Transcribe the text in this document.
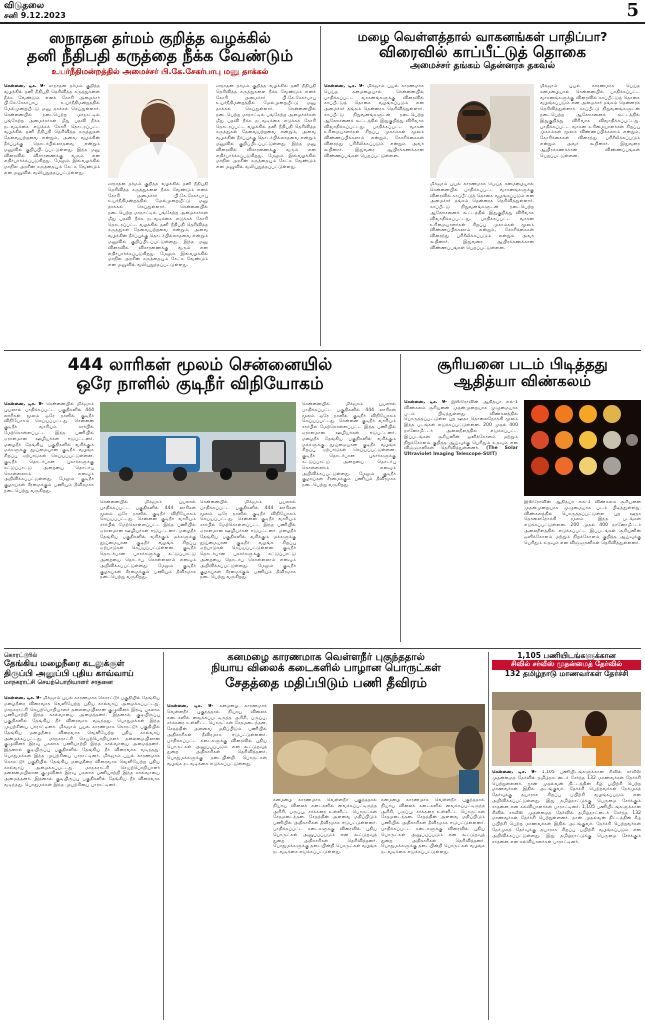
விடுதலை
சனி 9.12.2023	5
ஸநாதன தர்மம் குறித்த வழக்கில்
தனி நீதிபதி கருத்தை நீக்க வேண்டும்
உயர்நீதிமன்றத்தில் அமைச்சர் பி.கே.சேகர்பாபு மனு தாக்கல்
சென்னை, டிச. 9- ஸநாதன தர்மம் குறித்த வழக்கில் தனி நீதிபதி தெரிவித்த கருத்துகளை நீக்க வேண்டும் எனக் கோரி அமைச்சர் பி.கே.சேகர்பாபு உயர்நீதிமன்றத்தில் மேல்முறையீட்டு மனு தாக்கல் செய்துள்ளார். சென்னையில் நடைபெற்ற மாநாட்டில் பங்கேற்ற அமைச்சர்கள் மீது பதவி நீக்க நடவடிக்கை எடுக்கக் கோரி தொடரப்பட்ட வழக்கில் தனி நீதிபதி தெரிவித்த கருத்துகள் தேவையற்றவை என்றும், அவை வழக்கின் தீர்ப்புக்கு தொடர்பில்லாதவை என்றும் மனுவில் குறிப்பிடப்பட்டுள்ளது. இந்த மனு விரைவில் விசாரணைக்கு வரும் என எதிர்பார்க்கப்படுகிறது. மேலும் இவ்வழக்கில் மாநில அரசின் கருத்தையும் கேட்க வேண்டும் என மனுவில் வலியுறுத்தப்பட்டுள்ளது.
ஸநாதன தர்மம் குறித்த வழக்கில் தனி நீதிபதி தெரிவித்த கருத்துகளை நீக்க வேண்டும் எனக் கோரி அமைச்சர் பி.கே.சேகர்பாபு உயர்நீதிமன்றத்தில் மேல்முறையீட்டு மனு தாக்கல் செய்துள்ளார். சென்னையில் நடைபெற்ற மாநாட்டில் பங்கேற்ற அமைச்சர்கள் மீது பதவி நீக்க நடவடிக்கை எடுக்கக் கோரி தொடரப்பட்ட வழக்கில் தனி நீதிபதி தெரிவித்த கருத்துகள் தேவையற்றவை என்றும், அவை வழக்கின் தீர்ப்புக்கு தொடர்பில்லாதவை என்றும் மனுவில் குறிப்பிடப்பட்டுள்ளது. இந்த மனு விரைவில் விசாரணைக்கு வரும் என எதிர்பார்க்கப்படுகிறது. மேலும் இவ்வழக்கில் மாநில அரசின் கருத்தையும் கேட்க வேண்டும் என மனுவில் வலியுறுத்தப்பட்டுள்ளது.
ஸநாதன தர்மம் குறித்த வழக்கில் தனி நீதிபதி தெரிவித்த கருத்துகளை நீக்க வேண்டும் எனக் கோரி அமைச்சர் பி.கே.சேகர்பாபு உயர்நீதிமன்றத்தில் மேல்முறையீட்டு மனு தாக்கல் செய்துள்ளார். சென்னையில் நடைபெற்ற மாநாட்டில் பங்கேற்ற அமைச்சர்கள் மீது பதவி நீக்க நடவடிக்கை எடுக்கக் கோரி தொடரப்பட்ட வழக்கில் தனி நீதிபதி தெரிவித்த கருத்துகள் தேவையற்றவை என்றும், அவை வழக்கின் தீர்ப்புக்கு தொடர்பில்லாதவை என்றும் மனுவில் குறிப்பிடப்பட்டுள்ளது. இந்த மனு விரைவில் விசாரணைக்கு வரும் என எதிர்பார்க்கப்படுகிறது. மேலும் இவ்வழக்கில் மாநில அரசின் கருத்தையும் கேட்க வேண்டும் என மனுவில் வலியுறுத்தப்பட்டுள்ளது.
மழை வெள்ளத்தால் வாகனங்கள் பாதிப்பா?
விரைவில் காப்பீட்டுத் தொகை
அமைச்சர் தங்கம் தென்னரசு தகவல்
சென்னை, டிச. 9- மிக்ஜாம் புயல் காரணமாக பெய்த கனமழையால் சென்னையில் பாதிக்கப்பட்ட வாகனங்களுக்கு விரைவில் காப்பீட்டுத் தொகை வழங்கப்படும் என அமைச்சர் தங்கம் தென்னரசு தெரிவித்துள்ளார். காப்பீட்டு நிறுவனங்களுடன் நடைபெற்ற ஆலோசனைக் கூட்டத்தில் இதுகுறித்து விரிவாக விவாதிக்கப்பட்டது. பாதிக்கப்பட்ட வாகன உரிமையாளர்கள் சிறப்பு முகாம்கள் மூலம் விண்ணப்பிக்கலாம் என்றும், கோரிக்கைகள் விரைந்து பரிசீலிக்கப்படும் என்றும் அவர் கூறினார். இதுவரை ஆயிரக்கணக்கான விண்ணப்பங்கள் பெறப்பட்டுள்ளன.
மிக்ஜாம் புயல் காரணமாக பெய்த கனமழையால் சென்னையில் பாதிக்கப்பட்ட வாகனங்களுக்கு விரைவில் காப்பீட்டுத் தொகை வழங்கப்படும் என அமைச்சர் தங்கம் தென்னரசு தெரிவித்துள்ளார். காப்பீட்டு நிறுவனங்களுடன் நடைபெற்ற ஆலோசனைக் கூட்டத்தில் இதுகுறித்து விரிவாக விவாதிக்கப்பட்டது. பாதிக்கப்பட்ட வாகன உரிமையாளர்கள் சிறப்பு முகாம்கள் மூலம் விண்ணப்பிக்கலாம் என்றும், கோரிக்கைகள் விரைந்து பரிசீலிக்கப்படும் என்றும் அவர் கூறினார். இதுவரை ஆயிரக்கணக்கான விண்ணப்பங்கள் பெறப்பட்டுள்ளன.
மிக்ஜாம் புயல் காரணமாக பெய்த கனமழையால் சென்னையில் பாதிக்கப்பட்ட வாகனங்களுக்கு விரைவில் காப்பீட்டுத் தொகை வழங்கப்படும் என அமைச்சர் தங்கம் தென்னரசு தெரிவித்துள்ளார். காப்பீட்டு நிறுவனங்களுடன் நடைபெற்ற ஆலோசனைக் கூட்டத்தில் இதுகுறித்து விரிவாக விவாதிக்கப்பட்டது. பாதிக்கப்பட்ட வாகன உரிமையாளர்கள் சிறப்பு முகாம்கள் மூலம் விண்ணப்பிக்கலாம் என்றும், கோரிக்கைகள் விரைந்து பரிசீலிக்கப்படும் என்றும் அவர் கூறினார். இதுவரை ஆயிரக்கணக்கான விண்ணப்பங்கள் பெறப்பட்டுள்ளன.
444 லாரிகள் மூலம் சென்னையில்
ஒரே நாளில் குடிநீர் விநியோகம்
சென்னை, டிச. 9- சென்னையில் மிக்ஜாம் புயலால் பாதிக்கப்பட்ட பகுதிகளில் 444 லாரிகள் மூலம் ஒரே நாளில் குடிநீர் விநியோகம் செய்யப்பட்டது. சென்னை குடிநீர் வாரியம் சார்பில் மேற்கொள்ளப்பட்ட இந்த பணியில் ஏராளமான ஊழியர்கள் ஈடுபட்டனர். மழைநீர் தேங்கிய பகுதிகளில் வசிக்கும் மக்களுக்கு தூய்மையான குடிநீர் வழங்க சிறப்பு ஏற்பாடுகள் செய்யப்பட்டுள்ளன. குடிநீர் தொடர்பான புகார்களுக்கு கட்டுப்பாட்டு அறையை தொடர்பு கொள்ளலாம் எனவும் அறிவிக்கப்பட்டுள்ளது. மேலும் குடிநீர் குழாய்கள் சீரமைக்கும் பணியும் தீவிரமாக நடைபெற்று வருகிறது.
சென்னையில் மிக்ஜாம் புயலால் பாதிக்கப்பட்ட பகுதிகளில் 444 லாரிகள் மூலம் ஒரே நாளில் குடிநீர் விநியோகம் செய்யப்பட்டது. சென்னை குடிநீர் வாரியம் சார்பில் மேற்கொள்ளப்பட்ட இந்த பணியில் ஏராளமான ஊழியர்கள் ஈடுபட்டனர். மழைநீர் தேங்கிய பகுதிகளில் வசிக்கும் மக்களுக்கு தூய்மையான குடிநீர் வழங்க சிறப்பு ஏற்பாடுகள் செய்யப்பட்டுள்ளன. குடிநீர் தொடர்பான புகார்களுக்கு கட்டுப்பாட்டு அறையை தொடர்பு கொள்ளலாம் எனவும் அறிவிக்கப்பட்டுள்ளது. மேலும் குடிநீர் குழாய்கள் சீரமைக்கும் பணியும் தீவிரமாக நடைபெற்று வருகிறது.
சென்னையில் மிக்ஜாம் புயலால் பாதிக்கப்பட்ட பகுதிகளில் 444 லாரிகள் மூலம் ஒரே நாளில் குடிநீர் விநியோகம் செய்யப்பட்டது. சென்னை குடிநீர் வாரியம் சார்பில் மேற்கொள்ளப்பட்ட இந்த பணியில் ஏராளமான ஊழியர்கள் ஈடுபட்டனர். மழைநீர் தேங்கிய பகுதிகளில் வசிக்கும் மக்களுக்கு தூய்மையான குடிநீர் வழங்க சிறப்பு ஏற்பாடுகள் செய்யப்பட்டுள்ளன. குடிநீர் தொடர்பான புகார்களுக்கு கட்டுப்பாட்டு அறையை தொடர்பு கொள்ளலாம் எனவும் அறிவிக்கப்பட்டுள்ளது. மேலும் குடிநீர் குழாய்கள் சீரமைக்கும் பணியும் தீவிரமாக நடைபெற்று வருகிறது.
சென்னையில் மிக்ஜாம் புயலால் பாதிக்கப்பட்ட பகுதிகளில் 444 லாரிகள் மூலம் ஒரே நாளில் குடிநீர் விநியோகம் செய்யப்பட்டது. சென்னை குடிநீர் வாரியம் சார்பில் மேற்கொள்ளப்பட்ட இந்த பணியில் ஏராளமான ஊழியர்கள் ஈடுபட்டனர். மழைநீர் தேங்கிய பகுதிகளில் வசிக்கும் மக்களுக்கு தூய்மையான குடிநீர் வழங்க சிறப்பு ஏற்பாடுகள் செய்யப்பட்டுள்ளன. குடிநீர் தொடர்பான புகார்களுக்கு கட்டுப்பாட்டு அறையை தொடர்பு கொள்ளலாம் எனவும் அறிவிக்கப்பட்டுள்ளது. மேலும் குடிநீர் குழாய்கள் சீரமைக்கும் பணியும் தீவிரமாக நடைபெற்று வருகிறது.
சூரியனை படம் பிடித்தது
ஆதித்யா விண்கலம்
சென்னை, டிச. 9- இஸ்ரோவின் ஆதித்யா எல்-1 விண்கலம் சூரியனை முதன்முறையாக முழுமையாக படம் பிடித்துள்ளது. விண்கலத்தில் பொருத்தப்பட்டுள்ள புற ஊதா தொலைநோக்கி மூலம் இந்த படங்கள் எடுக்கப்பட்டுள்ளன. 200 முதல் 400 நானோமீட்டர் அலைநீளத்தில் எடுக்கப்பட்ட இப்படங்கள் சூரியனின் ஒளிக்கோளம் மற்றும் நிறக்கோளம் குறித்த ஆய்வுக்கு பெரிதும் உதவும் என விஞ்ஞானிகள் தெரிவித்துள்ளனர். (The Solar Ultraviolet Imaging Telescope-SUIT)
இஸ்ரோவின் ஆதித்யா எல்-1 விண்கலம் சூரியனை முதன்முறையாக முழுமையாக படம் பிடித்துள்ளது. விண்கலத்தில் பொருத்தப்பட்டுள்ள புற ஊதா தொலைநோக்கி மூலம் இந்த படங்கள் எடுக்கப்பட்டுள்ளன. 200 முதல் 400 நானோமீட்டர் அலைநீளத்தில் எடுக்கப்பட்ட இப்படங்கள் சூரியனின் ஒளிக்கோளம் மற்றும் நிறக்கோளம் குறித்த ஆய்வுக்கு பெரிதும் உதவும் என விஞ்ஞானிகள் தெரிவித்துள்ளனர்.
கொரட்டூரில்
தேங்கிய மழைநீரை கடலுக்குள்
திருப்பி அனுப்பி புதிய காவ்வாய்
மாநகராட்சி செயற்பொறியாளர் சாதனை
சென்னை, டிச. 9- மிக்ஜாம் புயல் காரணமாக கொரட்டூர் பகுதியில் தேங்கிய மழைநீரை விரைவாக வெளியேற்ற புதிய கால்வாய் அமைக்கப்பட்டது. மாநகராட்சி செயற்பொறியாளர் தலைமையிலான குழுவினர் இரவு பகலாக பணியாற்றி இந்த கால்வாயை அமைத்தனர். இதனால் குடியிருப்பு பகுதிகளில் தேங்கிய நீர் விரைவாக வடிந்தது. பொதுமக்கள் இந்த முயற்சியை பாராட்டினர். மிக்ஜாம் புயல் காரணமாக கொரட்டூர் பகுதியில் தேங்கிய மழைநீரை விரைவாக வெளியேற்ற புதிய கால்வாய் அமைக்கப்பட்டது. மாநகராட்சி செயற்பொறியாளர் தலைமையிலான குழுவினர் இரவு பகலாக பணியாற்றி இந்த கால்வாயை அமைத்தனர். இதனால் குடியிருப்பு பகுதிகளில் தேங்கிய நீர் விரைவாக வடிந்தது. பொதுமக்கள் இந்த முயற்சியை பாராட்டினர். மிக்ஜாம் புயல் காரணமாக கொரட்டூர் பகுதியில் தேங்கிய மழைநீரை விரைவாக வெளியேற்ற புதிய கால்வாய் அமைக்கப்பட்டது. மாநகராட்சி செயற்பொறியாளர் தலைமையிலான குழுவினர் இரவு பகலாக பணியாற்றி இந்த கால்வாயை அமைத்தனர். இதனால் குடியிருப்பு பகுதிகளில் தேங்கிய நீர் விரைவாக வடிந்தது. பொதுமக்கள் இந்த முயற்சியை பாராட்டினர்.
கனமழை காரணமாக வெள்ளநீர் புகுந்ததால்
நியாய விலைக் கடைகளில் பாழான பொருட்கள்
சேதத்தை மதிப்பிடும் பணி தீவிரம்
சென்னை, டிச. 9- கனமழை காரணமாக வெள்ளநீர் புகுந்ததால் நியாய விலைக் கடைகளில் வைக்கப்பட்டிருந்த அரிசி, பருப்பு, சர்க்கரை உள்ளிட்ட பொருட்கள் சேதமடைந்தன. சேதத்தின் அளவை மதிப்பிடும் பணியில் அதிகாரிகள் தீவிரமாக ஈடுபட்டுள்ளனர். பாதிக்கப்பட்ட கடைகளுக்கு விரைவில் புதிய பொருட்கள் அனுப்பப்படும் என கூட்டுறவுத் துறை அதிகாரிகள் தெரிவித்தனர். பொதுமக்களுக்கு தடையின்றி பொருட்கள் வழங்க நடவடிக்கை எடுக்கப்பட்டுள்ளது.
கனமழை காரணமாக வெள்ளநீர் புகுந்ததால் நியாய விலைக் கடைகளில் வைக்கப்பட்டிருந்த அரிசி, பருப்பு, சர்க்கரை உள்ளிட்ட பொருட்கள் சேதமடைந்தன. சேதத்தின் அளவை மதிப்பிடும் பணியில் அதிகாரிகள் தீவிரமாக ஈடுபட்டுள்ளனர். பாதிக்கப்பட்ட கடைகளுக்கு விரைவில் புதிய பொருட்கள் அனுப்பப்படும் என கூட்டுறவுத் துறை அதிகாரிகள் தெரிவித்தனர். பொதுமக்களுக்கு தடையின்றி பொருட்கள் வழங்க நடவடிக்கை எடுக்கப்பட்டுள்ளது.
கனமழை காரணமாக வெள்ளநீர் புகுந்ததால் நியாய விலைக் கடைகளில் வைக்கப்பட்டிருந்த அரிசி, பருப்பு, சர்க்கரை உள்ளிட்ட பொருட்கள் சேதமடைந்தன. சேதத்தின் அளவை மதிப்பிடும் பணியில் அதிகாரிகள் தீவிரமாக ஈடுபட்டுள்ளனர். பாதிக்கப்பட்ட கடைகளுக்கு விரைவில் புதிய பொருட்கள் அனுப்பப்படும் என கூட்டுறவுத் துறை அதிகாரிகள் தெரிவித்தனர். பொதுமக்களுக்கு தடையின்றி பொருட்கள் வழங்க நடவடிக்கை எடுக்கப்பட்டுள்ளது.
1,105 பணியிடங்களுக்கான
சிவில் சர்வீஸ் முதன்மைத் தேர்வில்
132 தமிழ்நாடு மாணவர்கள் தேர்ச்சி
சென்னை, டிச. 9- 1,105 பணியிடங்களுக்கான சிவில் சர்வீஸ் முதன்மைத் தேர்வில் தமிழ்நாட்டைச் சேர்ந்த 132 மாணவர்கள் தேர்ச்சி பெற்றுள்ளனர். நான் முதல்வன் திட்டத்தின் கீழ் பயிற்சி பெற்ற மாணவர்கள் இதில் அடங்குவர். தேர்ச்சி பெற்றவர்கள் நேர்முகத் தேர்வுக்கு தயாராக சிறப்பு பயிற்சி வழங்கப்படும் என அறிவிக்கப்பட்டுள்ளது. இது தமிழ்நாட்டுக்கு பெருமை சேர்க்கும் சாதனை என கல்வியாளர்கள் பாராட்டினர். 1,105 பணியிடங்களுக்கான சிவில் சர்வீஸ் முதன்மைத் தேர்வில் தமிழ்நாட்டைச் சேர்ந்த 132 மாணவர்கள் தேர்ச்சி பெற்றுள்ளனர். நான் முதல்வன் திட்டத்தின் கீழ் பயிற்சி பெற்ற மாணவர்கள் இதில் அடங்குவர். தேர்ச்சி பெற்றவர்கள் நேர்முகத் தேர்வுக்கு தயாராக சிறப்பு பயிற்சி வழங்கப்படும் என அறிவிக்கப்பட்டுள்ளது. இது தமிழ்நாட்டுக்கு பெருமை சேர்க்கும் சாதனை என கல்வியாளர்கள் பாராட்டினர்.
